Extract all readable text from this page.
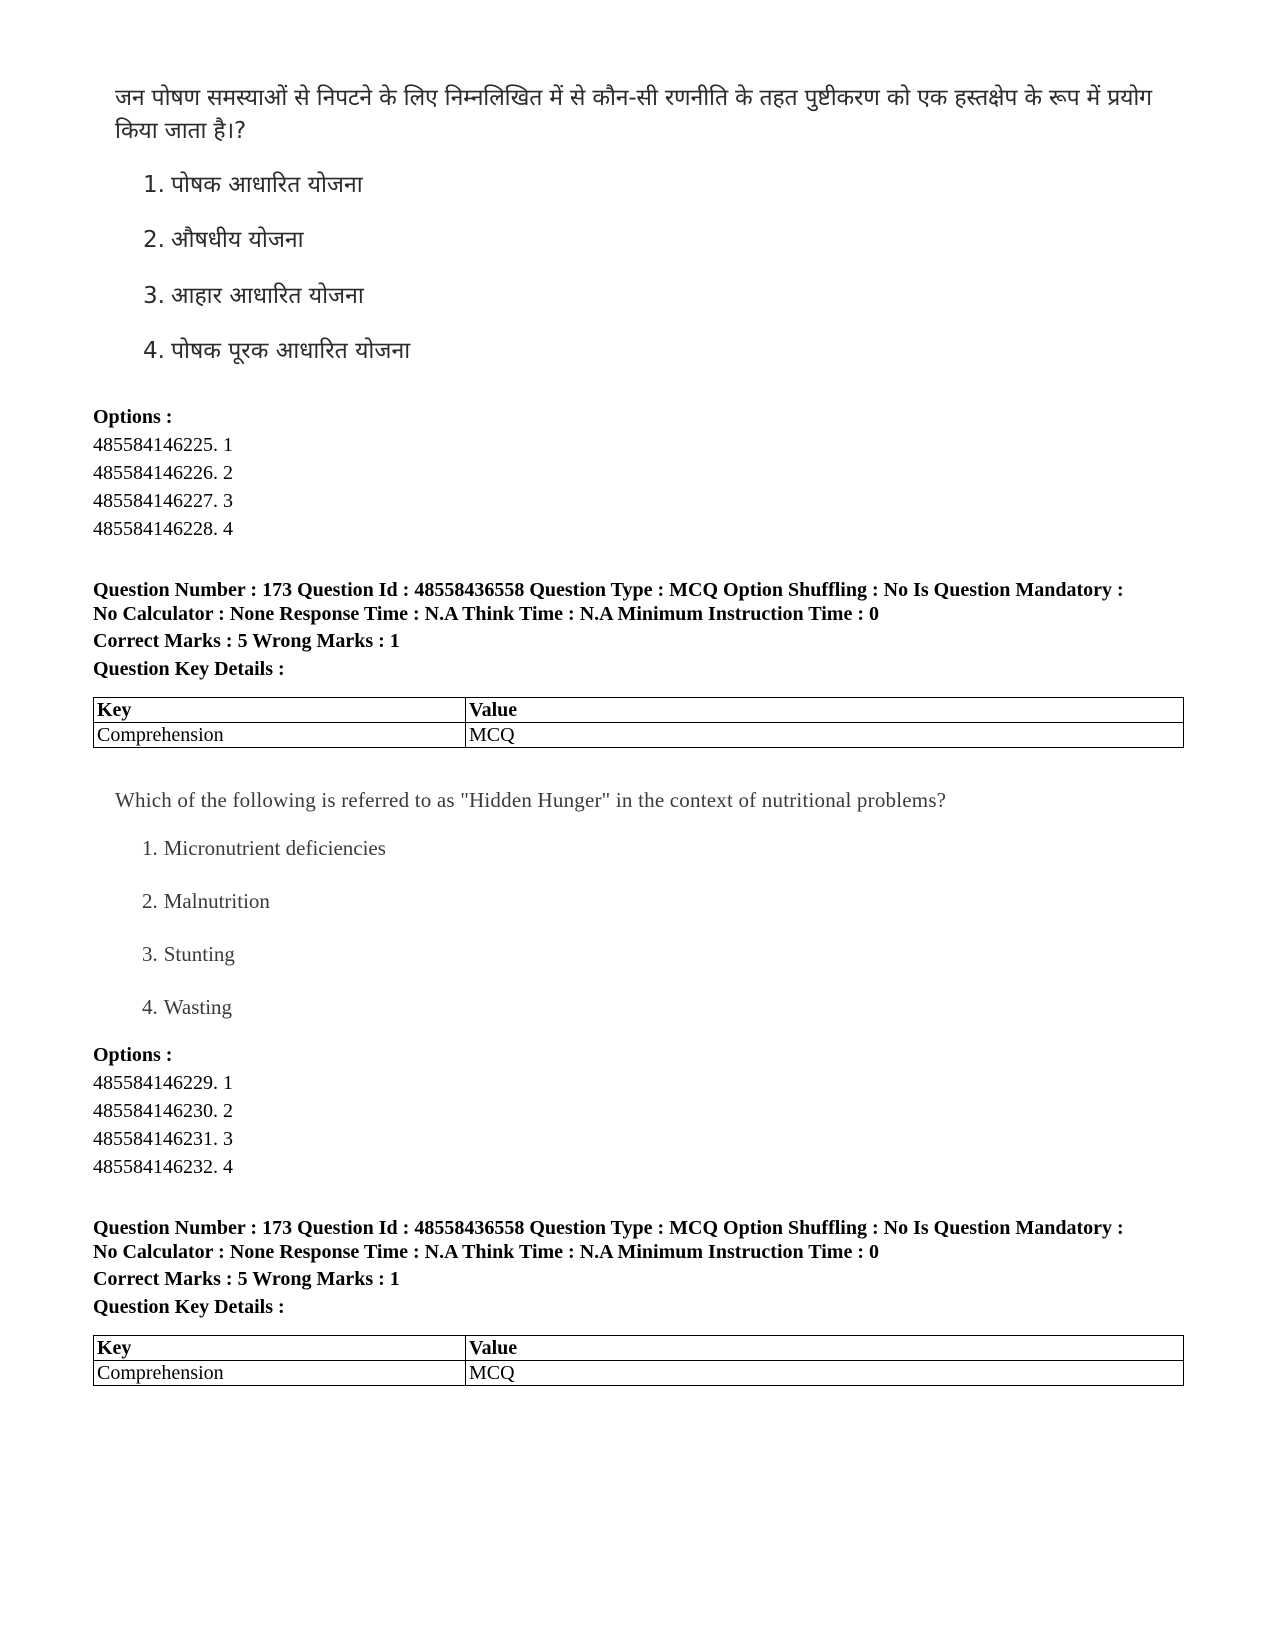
जन पोषण समस्याओं से निपटने के लिए निम्नलिखित में से कौन-सी रणनीति के तहत पुष्टीकरण को एक हस्तक्षेप के रूप में प्रयोग किया जाता है।?
1. पोषक आधारित योजना
2. औषधीय योजना
3. आहार आधारित योजना
4. पोषक पूरक आधारित योजना
Options :
485584146225. 1
485584146226. 2
485584146227. 3
485584146228. 4
Question Number : 173 Question Id : 48558436558 Question Type : MCQ Option Shuffling : No Is Question Mandatory :
No Calculator : None Response Time : N.A Think Time : N.A Minimum Instruction Time : 0
Correct Marks : 5 Wrong Marks : 1
Question Key Details :
Key	Value
Comprehension	MCQ
Which of the following is referred to as "Hidden Hunger" in the context of nutritional problems?
1. Micronutrient deficiencies
2. Malnutrition
3. Stunting
4. Wasting
Options :
485584146229. 1
485584146230. 2
485584146231. 3
485584146232. 4
Question Number : 173 Question Id : 48558436558 Question Type : MCQ Option Shuffling : No Is Question Mandatory :
No Calculator : None Response Time : N.A Think Time : N.A Minimum Instruction Time : 0
Correct Marks : 5 Wrong Marks : 1
Question Key Details :
Key	Value
Comprehension	MCQ
